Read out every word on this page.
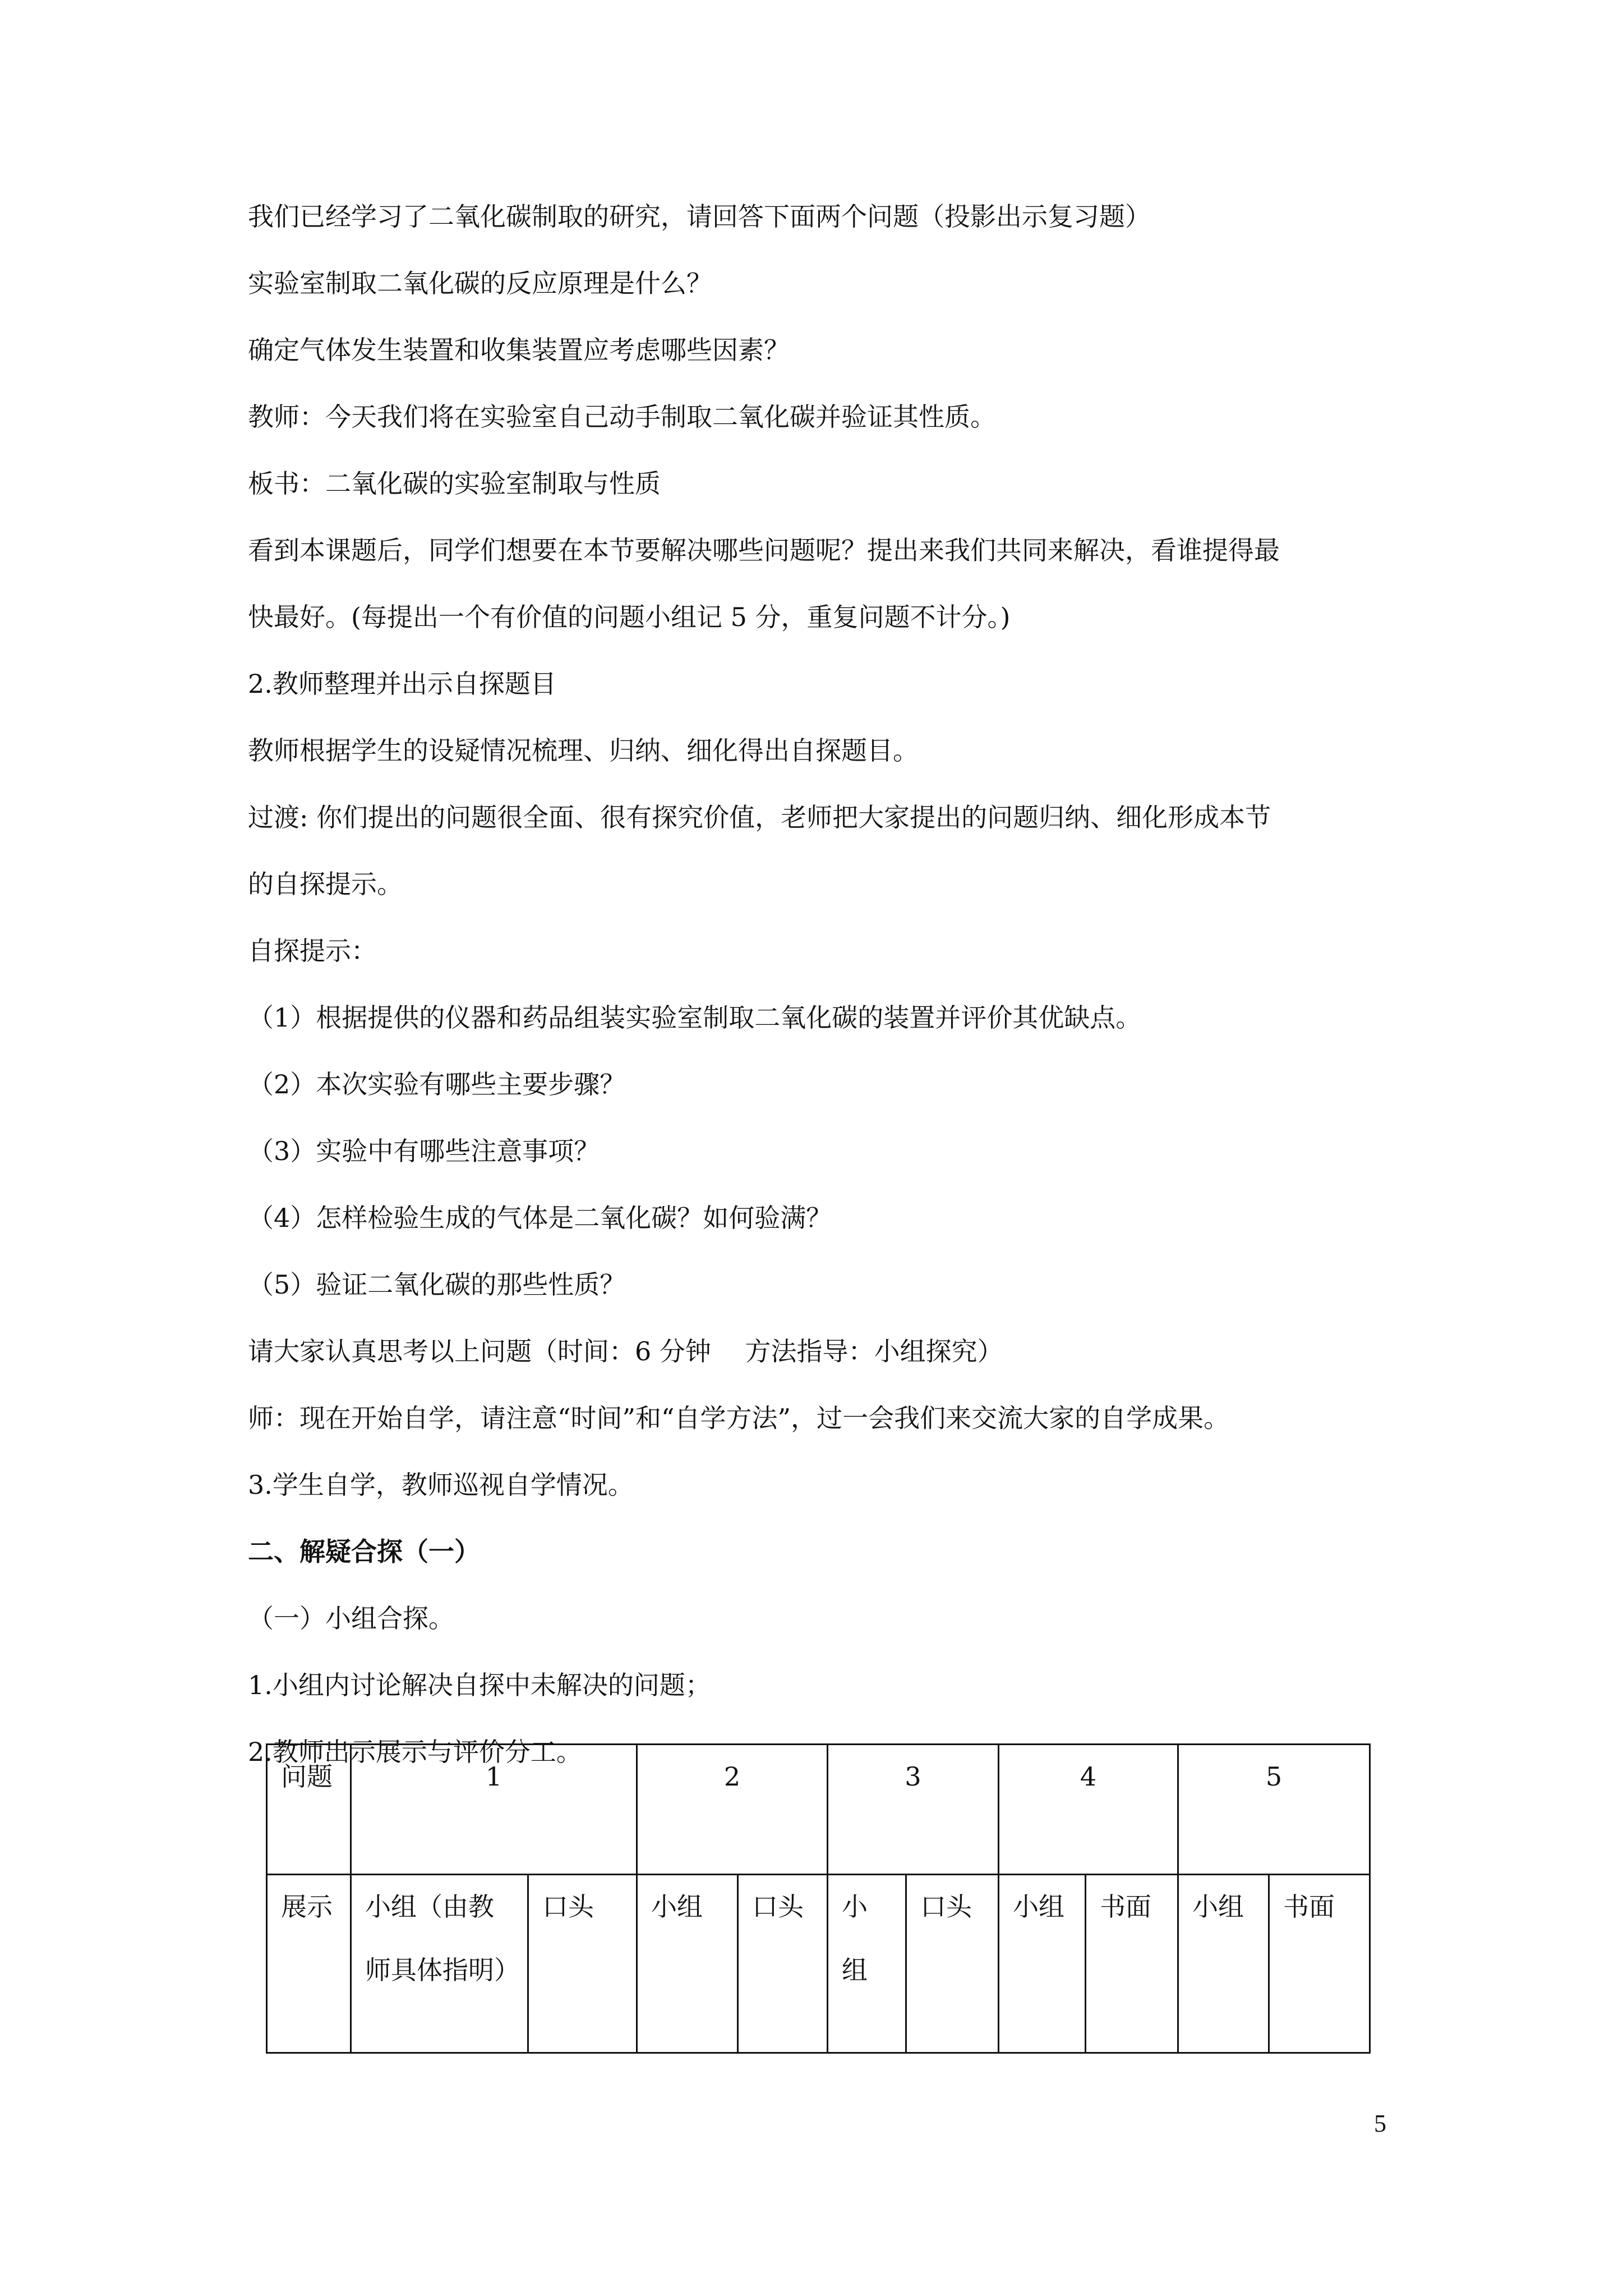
我们已经学习了二氧化碳制取的研究，请回答下面两个问题（投影出示复习题）
实验室制取二氧化碳的反应原理是什么？
确定气体发生装置和收集装置应考虑哪些因素？
教师：今天我们将在实验室自己动手制取二氧化碳并验证其性质。
板书：二氧化碳的实验室制取与性质
看到本课题后，同学们想要在本节要解决哪些问题呢？提出来我们共同来解决，看谁提得最
快最好。(每提出一个有价值的问题小组记 5 分，重复问题不计分。)
2.教师整理并出示自探题目
教师根据学生的设疑情况梳理、归纳、细化得出自探题目。
过渡: 你们提出的问题很全面、很有探究价值，老师把大家提出的问题归纳、细化形成本节
的自探提示。
自探提示：
（1）根据提供的仪器和药品组装实验室制取二氧化碳的装置并评价其优缺点。
（2）本次实验有哪些主要步骤？
（3）实验中有哪些注意事项？
（4）怎样检验生成的气体是二氧化碳？如何验满？
（5）验证二氧化碳的那些性质？
请大家认真思考以上问题（时间：6 分钟　 方法指导：小组探究）
师：现在开始自学，请注意“时间”和“自学方法”，过一会我们来交流大家的自学成果。
3.学生自学，教师巡视自学情况。
二、解疑合探（一）
（一）小组合探。
1.小组内讨论解决自探中未解决的问题；
2.教师出示展示与评价分工。
问题	1		2		3		4		5	

展示	小组（由教师具体指明）	口头	小组	口头	小组	口头	小组	书面	小组	书面
5
